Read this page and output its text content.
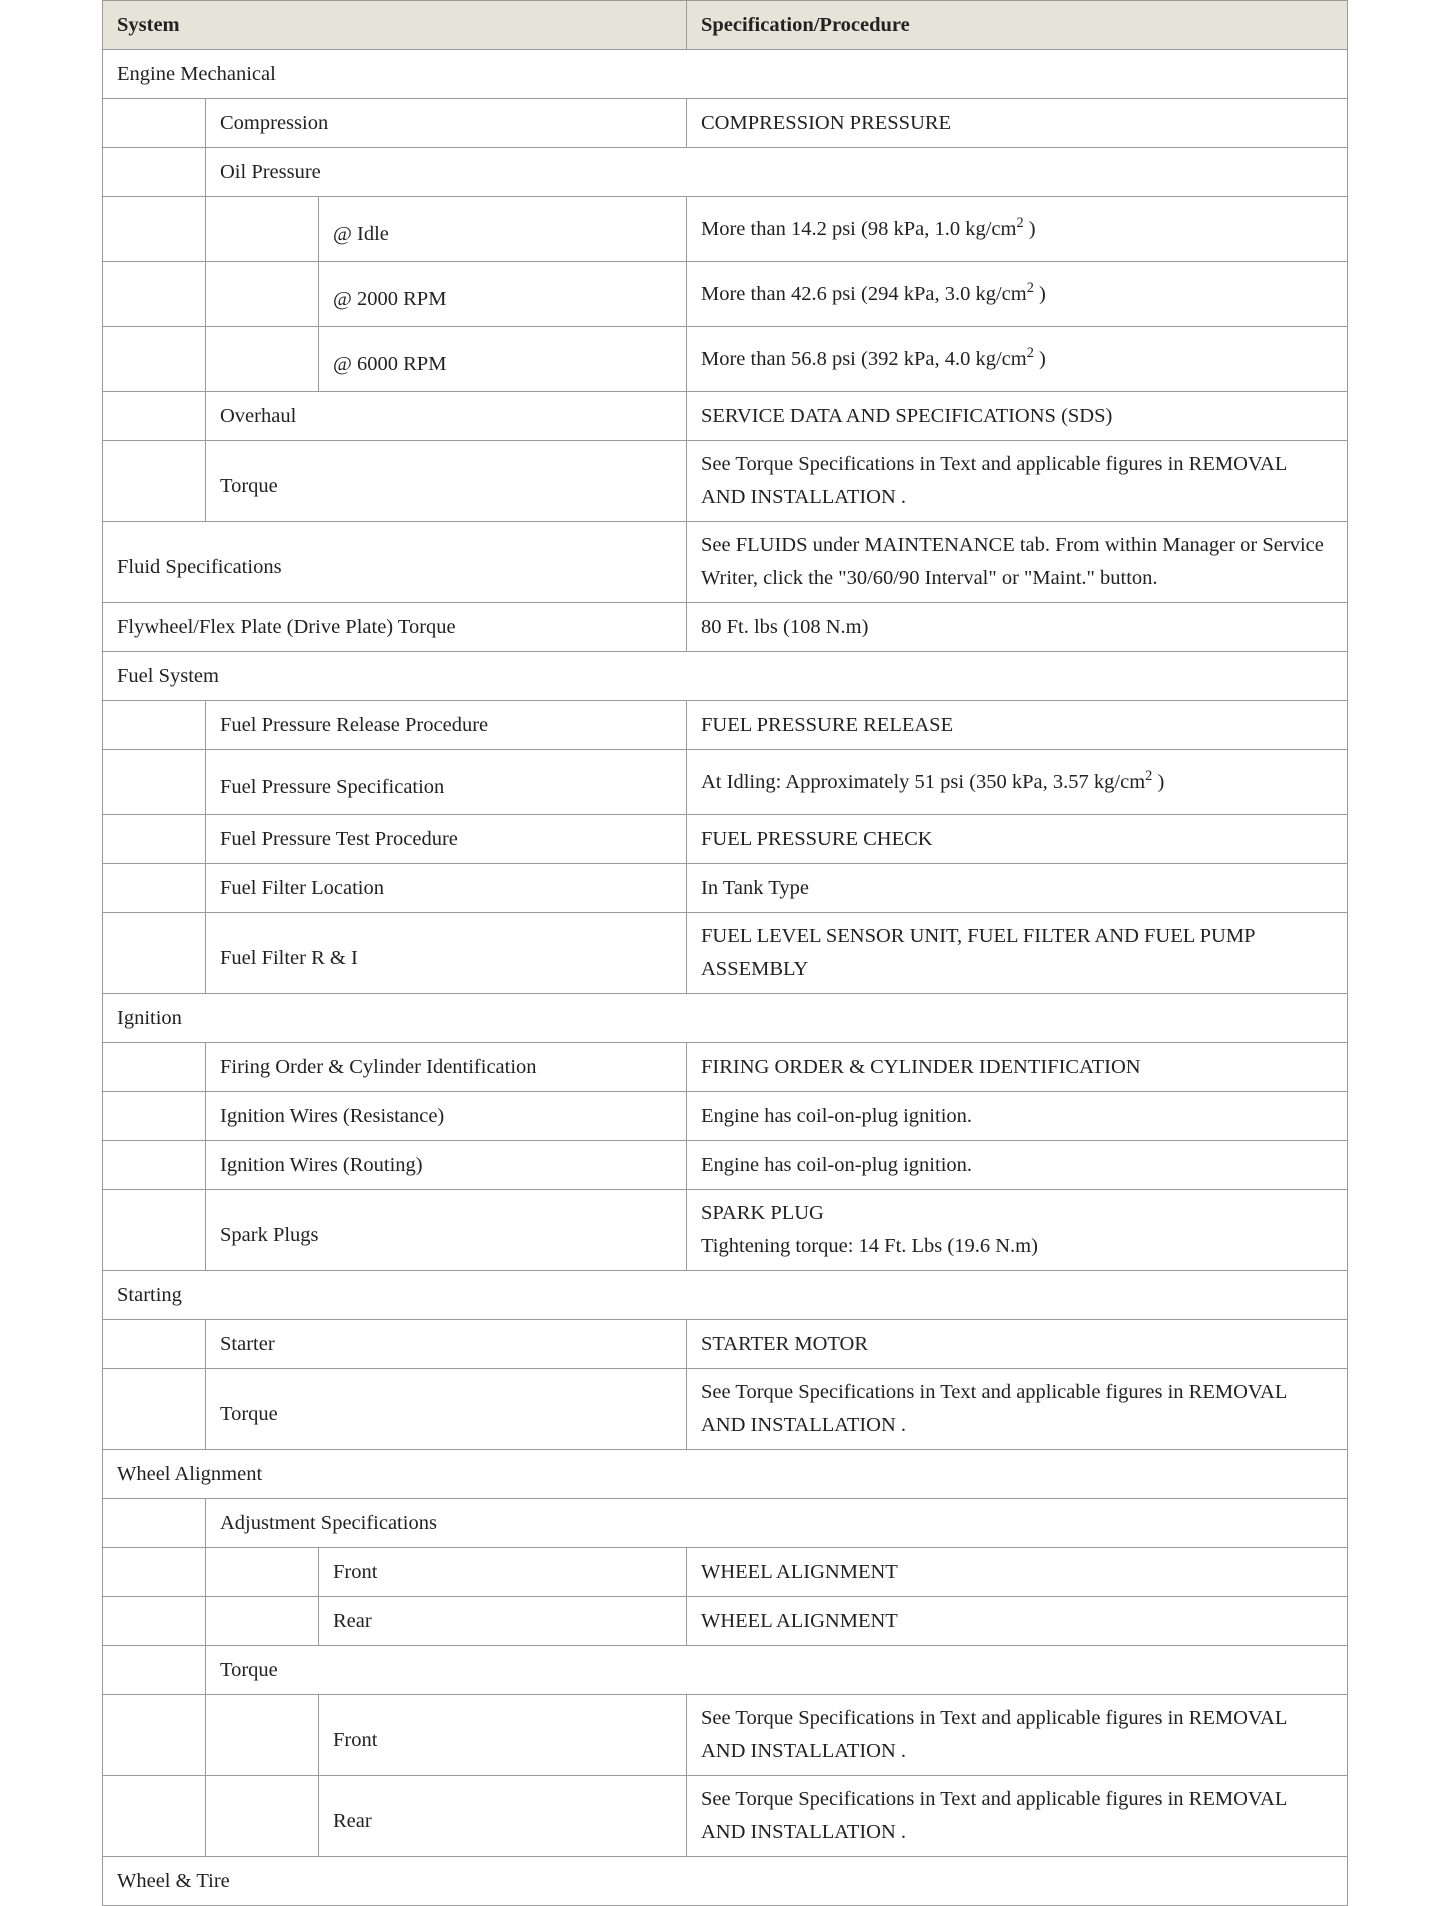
System			Specification/Procedure
Engine Mechanical			
	Compression		COMPRESSION PRESSURE
	Oil Pressure		
		@ Idle	More than 14.2 psi (98 kPa, 1.0 $kg/cm^2$ )
		@ 2000 RPM	More than 42.6 psi (294 kPa, 3.0 $kg/cm^2$ )
		@ 6000 RPM	More than 56.8 psi (392 kPa, 4.0 $kg/cm^2$ )
	Overhaul		SERVICE DATA AND SPECIFICATIONS (SDS)
	Torque		See Torque Specifications in Text and applicable figures in REMOVAL AND INSTALLATION .
Fluid Specifications			See FLUIDS under MAINTENANCE tab. From within Manager or Service Writer, click the "30/60/90 Interval" or "Maint." button.
Flywheel/Flex Plate (Drive Plate) Torque			80 Ft. lbs (108 N.m)
Fuel System			
	Fuel Pressure Release Procedure		FUEL PRESSURE RELEASE
	Fuel Pressure Specification		At Idling: Approximately 51 psi (350 kPa, 3.57 $kg/cm^2$ )
	Fuel Pressure Test Procedure		FUEL PRESSURE CHECK
	Fuel Filter Location		In Tank Type
	Fuel Filter R & I		FUEL LEVEL SENSOR UNIT, FUEL FILTER AND FUEL PUMP ASSEMBLY
Ignition			
	Firing Order & Cylinder Identification		FIRING ORDER & CYLINDER IDENTIFICATION
	Ignition Wires (Resistance)		Engine has coil-on-plug ignition.
	Ignition Wires (Routing)		Engine has coil-on-plug ignition.
	Spark Plugs		SPARK PLUG
Tightening torque: 14 Ft. Lbs (19.6 N.m)

Starting			
	Starter		STARTER MOTOR
	Torque		See Torque Specifications in Text and applicable figures in REMOVAL AND INSTALLATION .
Wheel Alignment			
	Adjustment Specifications		
		Front	WHEEL ALIGNMENT
		Rear	WHEEL ALIGNMENT
	Torque		
		Front	See Torque Specifications in Text and applicable figures in REMOVAL AND INSTALLATION .
		Rear	See Torque Specifications in Text and applicable figures in REMOVAL AND INSTALLATION .
Wheel & Tire			
